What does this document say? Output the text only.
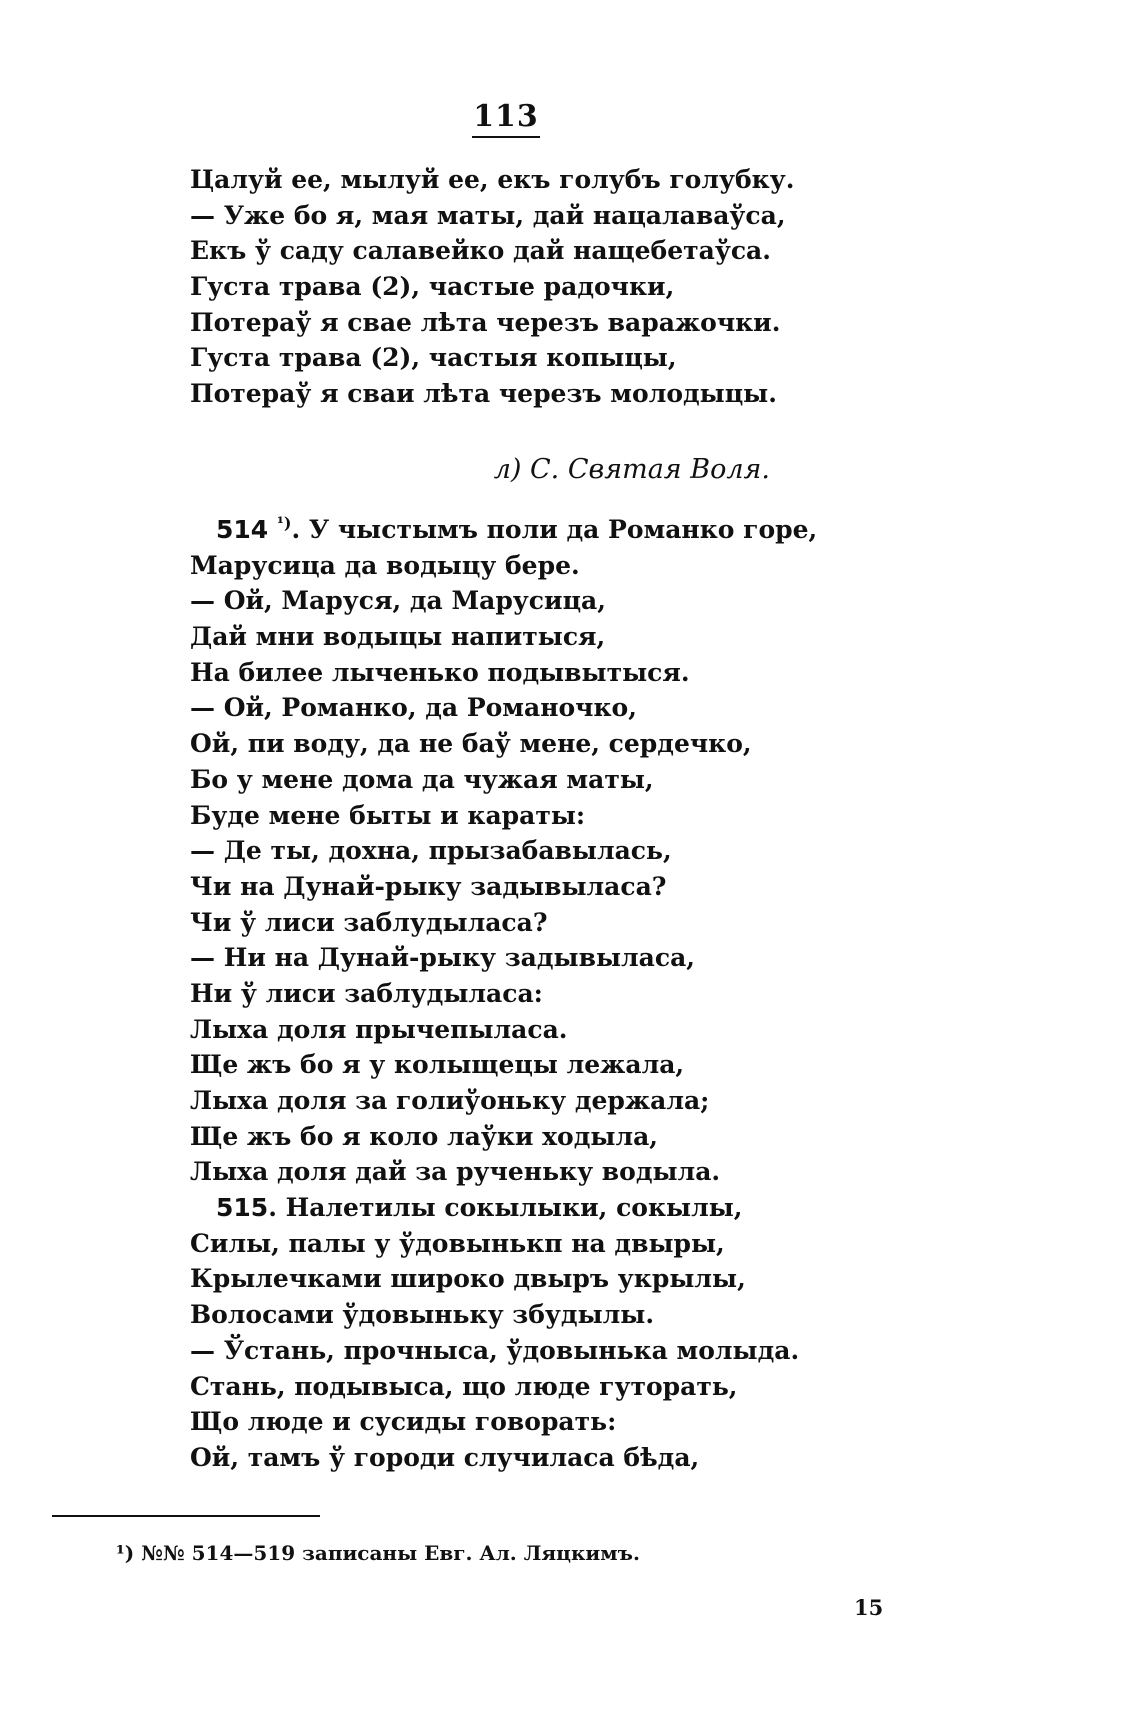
113
Цалуй ее, мылуй ее, екъ голубъ голубку.
— Уже бо я, мая маты, дай нацалаваўса,
Екъ ў саду салавейко дай нащебетаўса.
Густа трава (2), частые радочки,
Потераў я свае лѣта черезъ варажочки.
Густа трава (2), частыя копыцы,
Потераў я сваи лѣта черезъ молодыцы.
л) С. Святая Воля.
514 $^{^1)}$. У чыстымъ поли да Романко горе,
Марусица да водыцу бере.
— Ой, Маруся, да Марусица,
Дай мни водыцы напитыся,
На билее лыченько подывытыся.
— Ой, Романко, да Романочко,
Ой, пи воду, да не баў мене, сердечко,
Бо у мене дома да чужая маты,
Буде мене быты и караты:
— Де ты, дохна, прызабавылась,
Чи на Дунай-рыку задывыласа?
Чи ў лиси заблудыласа?
— Ни на Дунай-рыку задывыласа,
Ни ў лиси заблудыласа:
Лыха доля прычепыласа.
Ще жъ бо я у колыщецы лежала,
Лыха доля за голиўоньку держала;
Ще жъ бо я коло лаўки ходыла,
Лыха доля дай за рученьку водыла.
515. Налетилы сокылыки, сокылы,
Силы, палы у ўдовынькп на двыры,
Крылечками широко двыръ укрылы,
Волосами ўдовыньку збудылы.
— Ўстань, прочныса, ўдовынька молыда.
Стань, подывыса, що люде гуторать,
Що люде и сусиды говорать:
Ой, тамъ ў городи случиласа бѣда,
¹) №№ 514—519 записаны Евг. Ал. Ляцкимъ.
15
